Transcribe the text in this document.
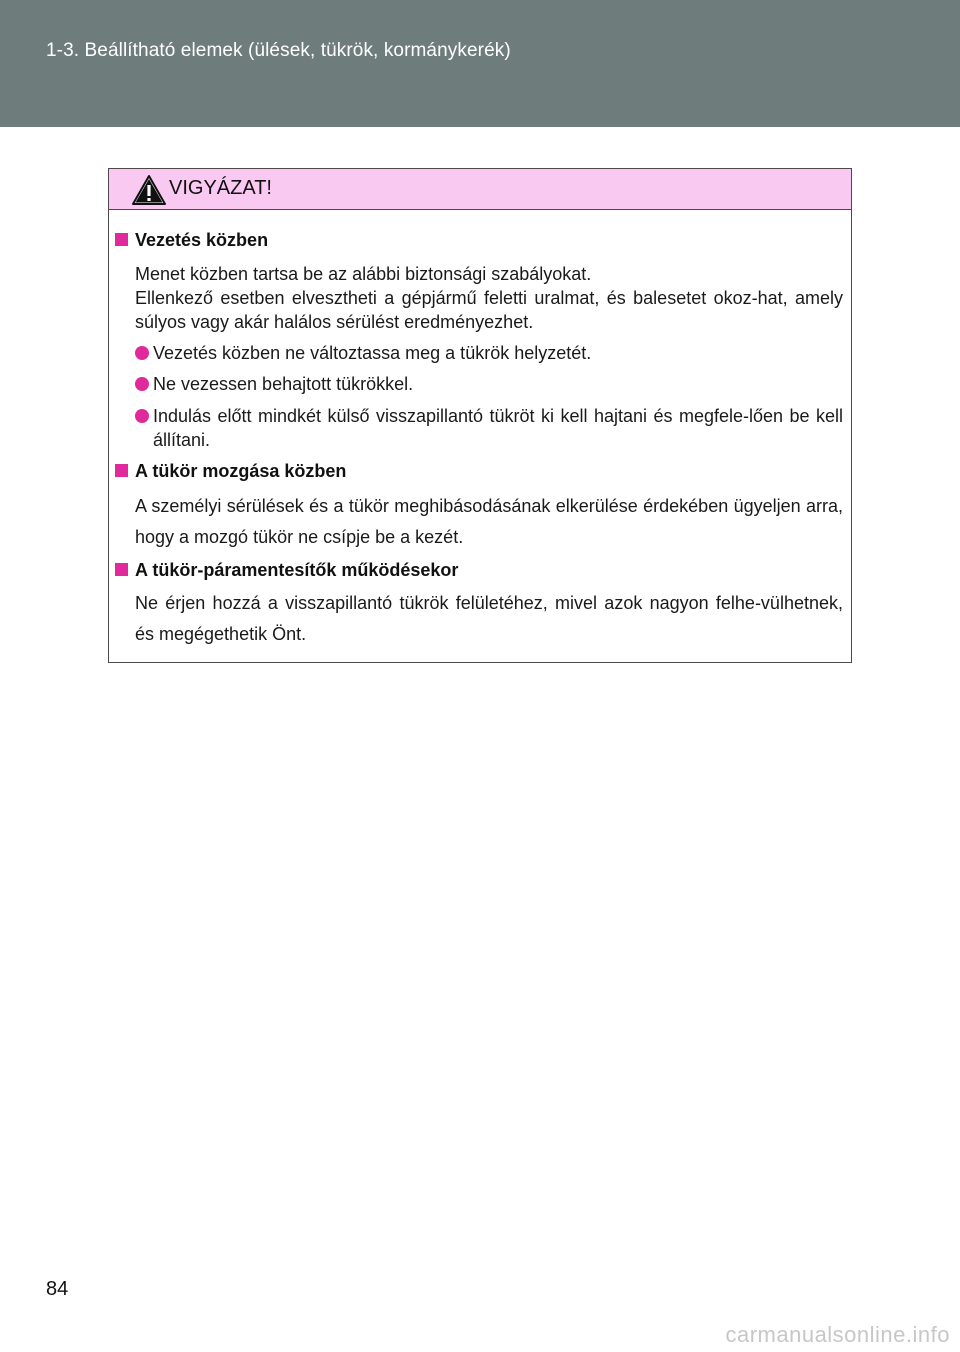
1-3. Beállítható elemek (ülések, tükrök, kormánykerék)
VIGYÁZAT!
Vezetés közben
Menet közben tartsa be az alábbi biztonsági szabályokat.
Ellenkező esetben elvesztheti a gépjármű feletti uralmat, és balesetet okoz-hat, amely súlyos vagy akár halálos sérülést eredményezhet.
Vezetés közben ne változtassa meg a tükrök helyzetét.
Ne vezessen behajtott tükrökkel.
Indulás előtt mindkét külső visszapillantó tükröt ki kell hajtani és megfele-lően be kell állítani.
A tükör mozgása közben
A személyi sérülések és a tükör meghibásodásának elkerülése érdekében ügyeljen arra, hogy a mozgó tükör ne csípje be a kezét.
A tükör-páramentesítők működésekor
Ne érjen hozzá a visszapillantó tükrök felületéhez, mivel azok nagyon felhe-vülhetnek, és megégethetik Önt.
84
carmanualsonline.info
